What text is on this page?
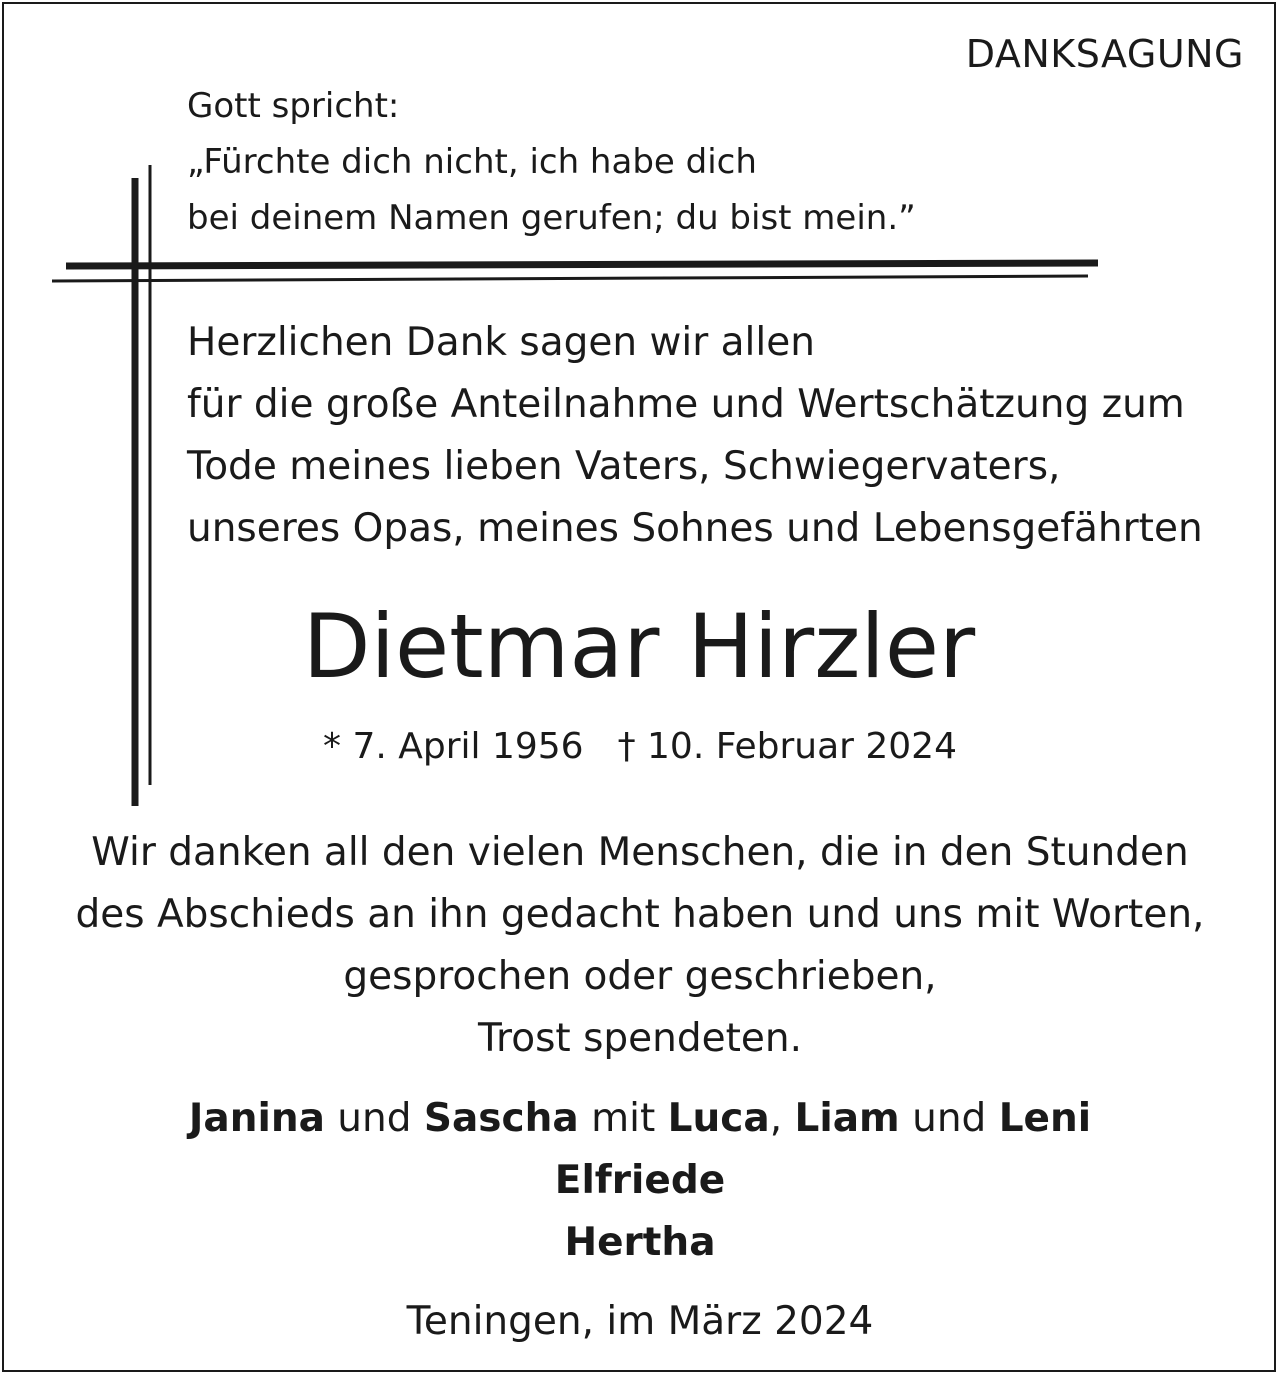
DANKSAGUNG
Gott spricht:
„Fürchte dich nicht, ich habe dich
bei deinem Namen gerufen; du bist mein.”
Herzlichen Dank sagen wir allen
für die große Anteilnahme und Wertschätzung zum
Tode meines lieben Vaters, Schwiegervaters,
unseres Opas, meines Sohnes und Lebensgefährten
Dietmar Hirzler
* 7. April 1956 † 10. Februar 2024
Wir danken all den vielen Menschen, die in den Stunden
des Abschieds an ihn gedacht haben und uns mit Worten,
gesprochen oder geschrieben,
Trost spendeten.
Janina und Sascha mit Luca, Liam und Leni
Elfriede
Hertha
Teningen, im März 2024
